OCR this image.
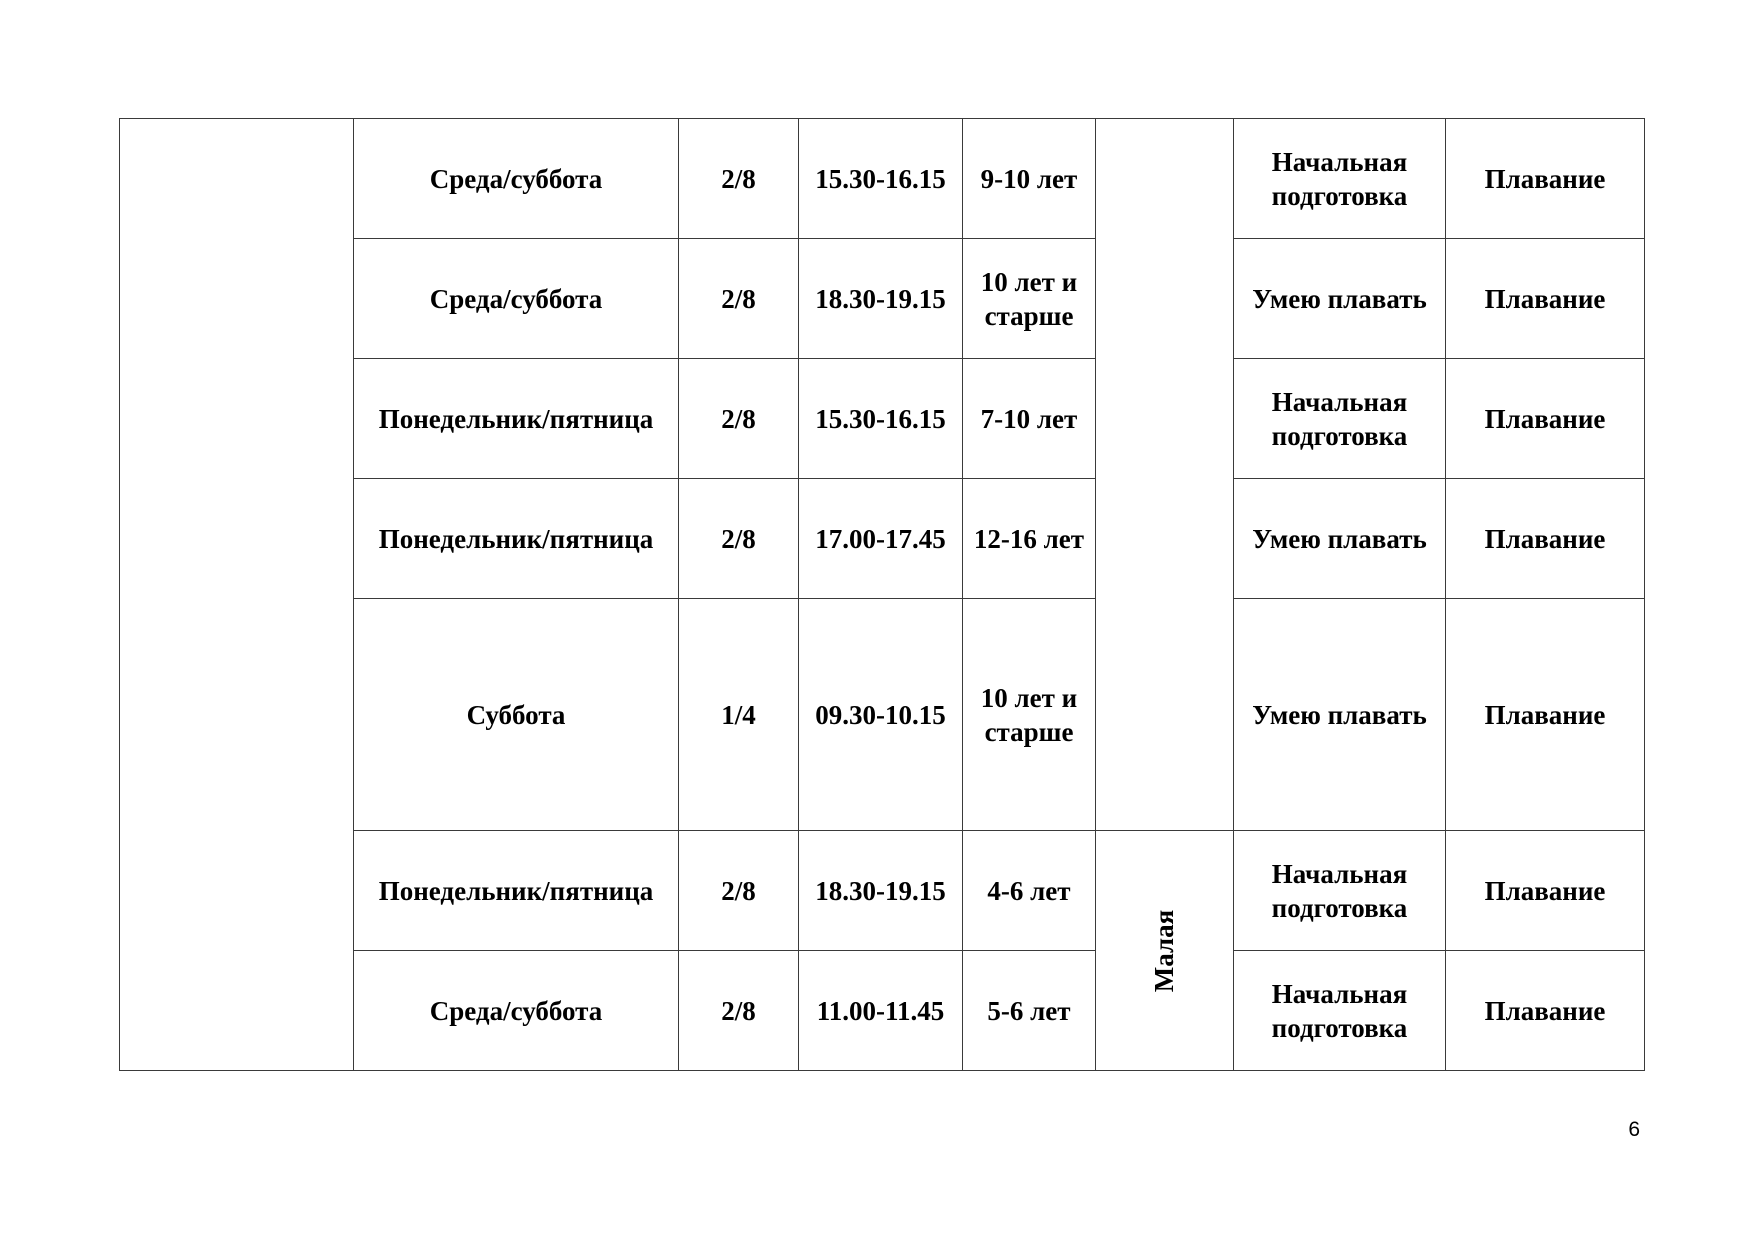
	Среда/суббота	2/8	15.30-16.15	9-10 лет		Начальная подготовка	Плавание
	Среда/суббота	2/8	18.30-19.15	10 лет и старше		Умею плавать	Плавание
	Понедельник/пятница	2/8	15.30-16.15	7-10 лет		Начальная подготовка	Плавание
	Понедельник/пятница	2/8	17.00-17.45	12-16 лет		Умею плавать	Плавание
	Суббота	1/4	09.30-10.15	10 лет и старше		Умею плавать	Плавание
	Понедельник/пятница	2/8	18.30-19.15	4-6 лет	Малая	Начальная подготовка	Плавание
	Среда/суббота	2/8	11.00-11.45	5-6 лет		Начальная подготовка	Плавание
6
